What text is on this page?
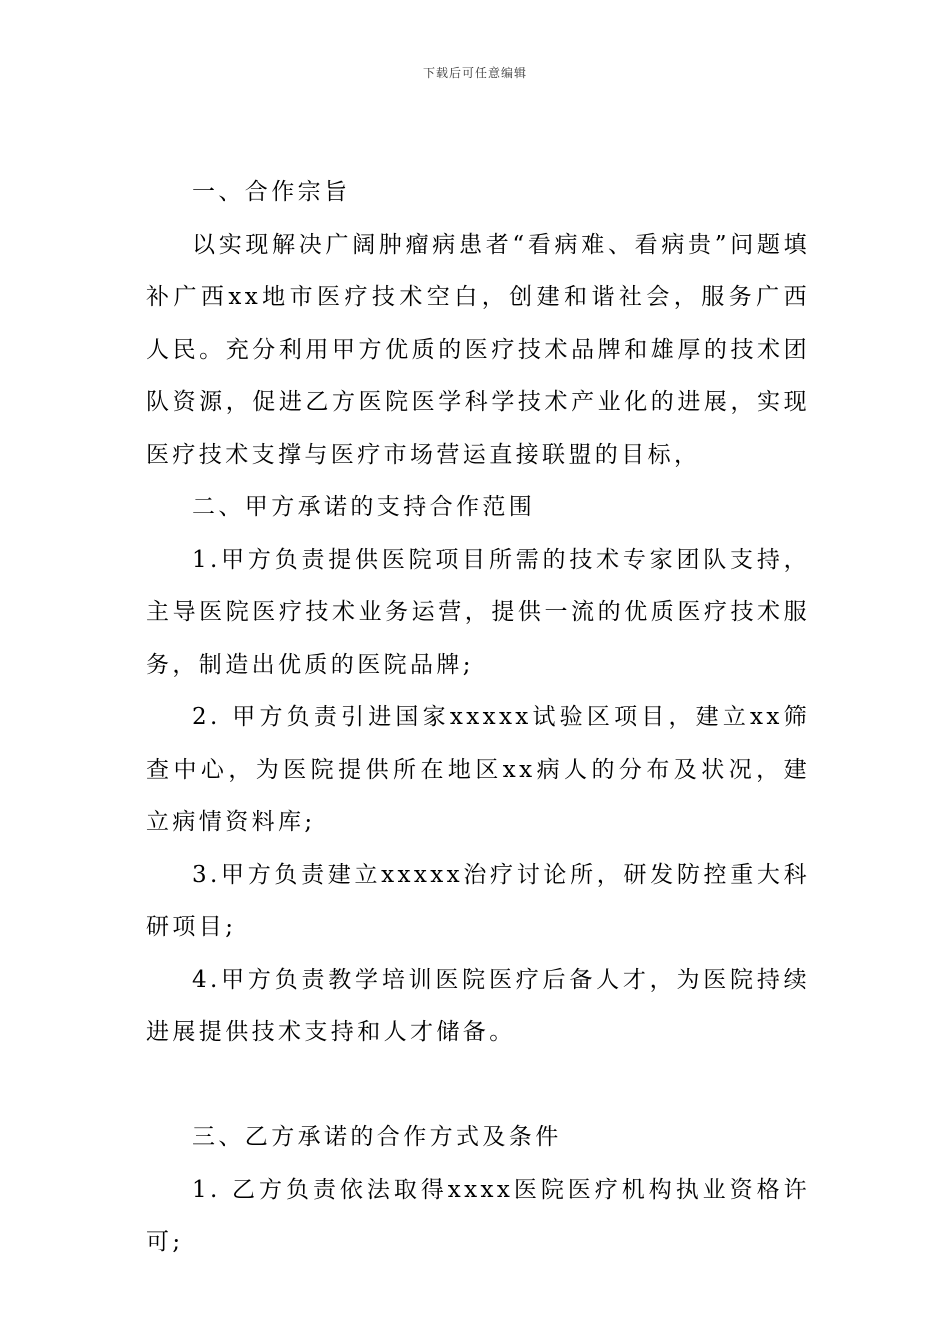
下载后可任意编辑

一、合作宗旨

以实现解决广阔肿瘤病患者“看病难、看病贵”问题填补广西xx地市医疗技术空白，创建和谐社会，服务广西人民。充分利用甲方优质的医疗技术品牌和雄厚的技术团队资源，促进乙方医院医学科学技术产业化的进展，实现医疗技术支撑与医疗市场营运直接联盟的目标，

二、甲方承诺的支持合作范围

1.甲方负责提供医院项目所需的技术专家团队支持，主导医院医疗技术业务运营，提供一流的优质医疗技术服务，制造出优质的医院品牌;

2. 甲方负责引进国家xxxxx试验区项目，建立xx筛查中心，为医院提供所在地区xx病人的分布及状况，建立病情资料库;

3.甲方负责建立xxxxx治疗讨论所，研发防控重大科研项目;

4.甲方负责教学培训医院医疗后备人才，为医院持续进展提供技术支持和人才储备。

三、乙方承诺的合作方式及条件

1. 乙方负责依法取得xxxx医院医疗机构执业资格许可;
